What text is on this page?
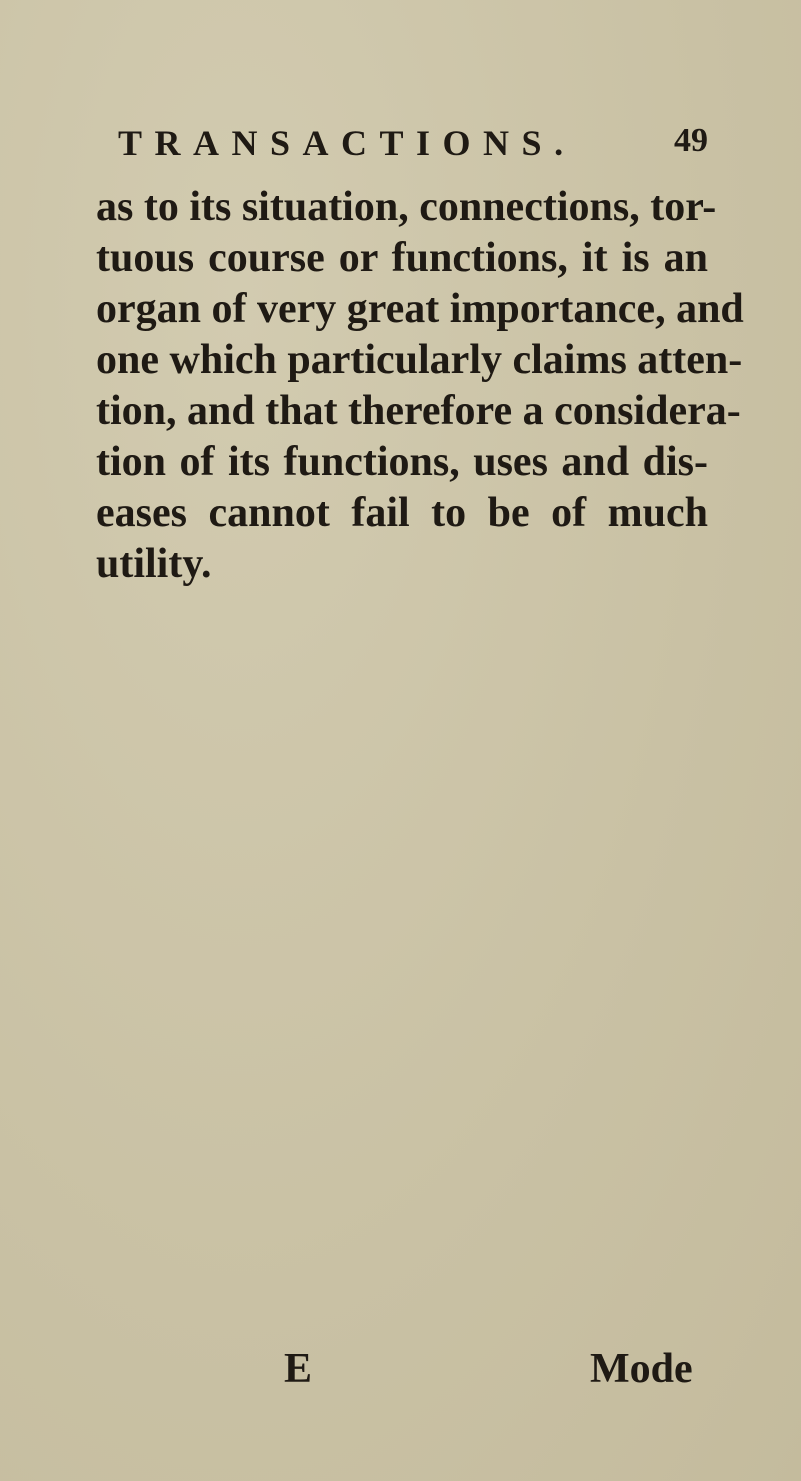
TRANSACTIONS.	49
as to its situation, connections, tor-
tuous course or functions, it is an
organ of very great importance, and
one which particularly claims atten-
tion, and that therefore a considera-
tion of its functions, uses and dis-
eases cannot fail to be of much
utility.
E	Mode
